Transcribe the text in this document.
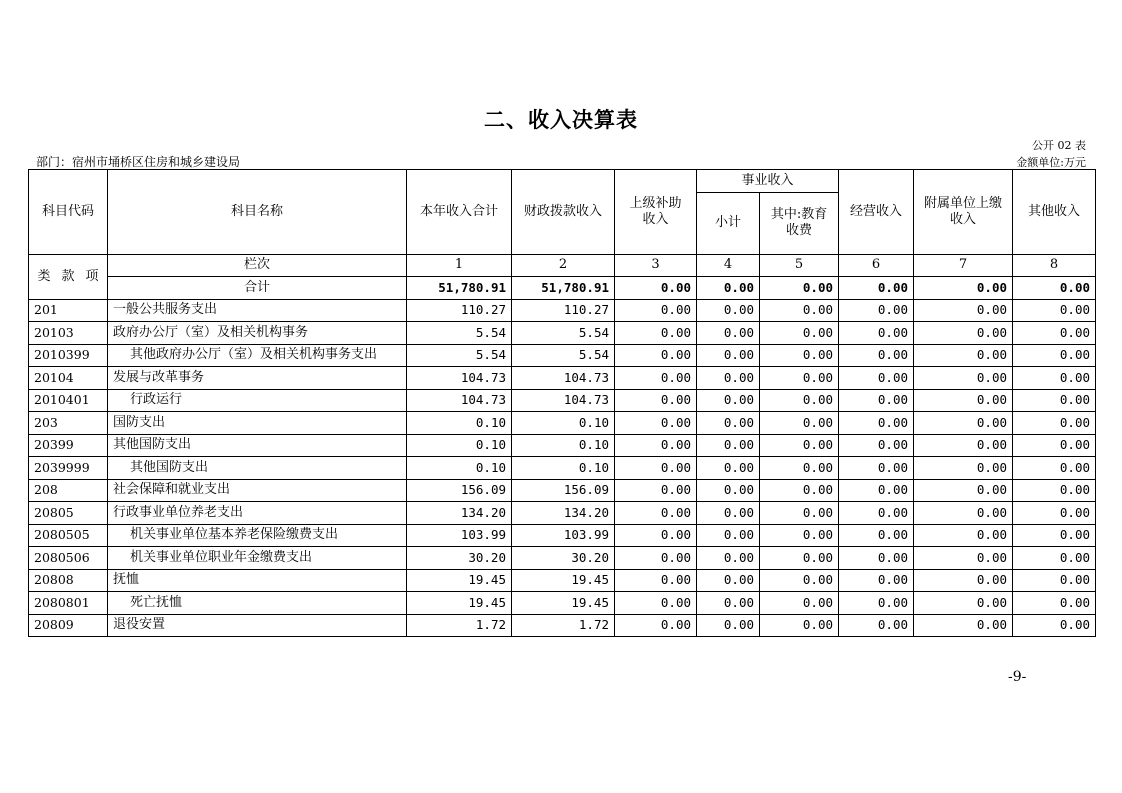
二、收入决算表
公开 02 表
部门：宿州市埇桥区住房和城乡建设局	金额单位:万元
科目代码	科目名称	本年收入合计	财政拨款收入	上级补助收入	事业收入		经营收入	附属单位上缴收入	其他收入
					小计	其中:教育收费			
类 款 项	栏次	1	2	3	4	5	6	7	8
	合计	51,780.91	51,780.91	0.00	0.00	0.00	0.00	0.00	0.00
201	一般公共服务支出	110.27	110.27	0.00	0.00	0.00	0.00	0.00	0.00
20103	政府办公厅（室）及相关机构事务	5.54	5.54	0.00	0.00	0.00	0.00	0.00	0.00
2010399	其他政府办公厅（室）及相关机构事务支出	5.54	5.54	0.00	0.00	0.00	0.00	0.00	0.00
20104	发展与改革事务	104.73	104.73	0.00	0.00	0.00	0.00	0.00	0.00
2010401	行政运行	104.73	104.73	0.00	0.00	0.00	0.00	0.00	0.00
203	国防支出	0.10	0.10	0.00	0.00	0.00	0.00	0.00	0.00
20399	其他国防支出	0.10	0.10	0.00	0.00	0.00	0.00	0.00	0.00
2039999	其他国防支出	0.10	0.10	0.00	0.00	0.00	0.00	0.00	0.00
208	社会保障和就业支出	156.09	156.09	0.00	0.00	0.00	0.00	0.00	0.00
20805	行政事业单位养老支出	134.20	134.20	0.00	0.00	0.00	0.00	0.00	0.00
2080505	机关事业单位基本养老保险缴费支出	103.99	103.99	0.00	0.00	0.00	0.00	0.00	0.00
2080506	机关事业单位职业年金缴费支出	30.20	30.20	0.00	0.00	0.00	0.00	0.00	0.00
20808	抚恤	19.45	19.45	0.00	0.00	0.00	0.00	0.00	0.00
2080801	死亡抚恤	19.45	19.45	0.00	0.00	0.00	0.00	0.00	0.00
20809	退役安置	1.72	1.72	0.00	0.00	0.00	0.00	0.00	0.00
-9-
